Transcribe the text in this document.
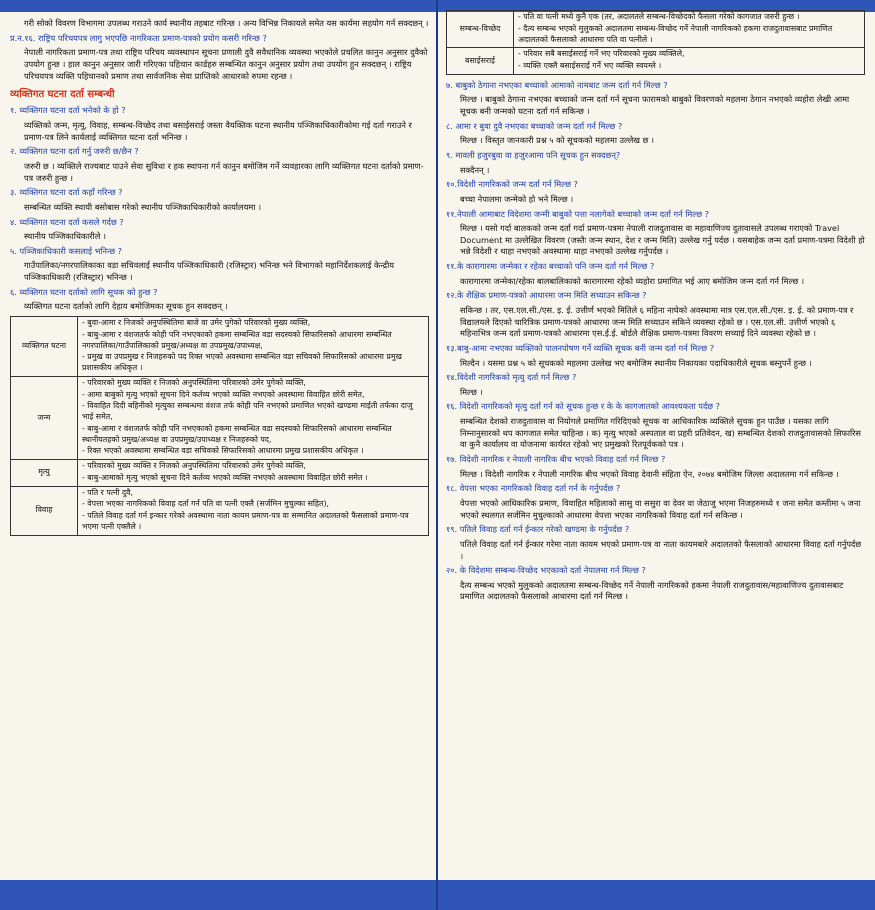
गरी सोको विवरण विभागमा उपलब्ध गराउने कार्य स्थानीय तहबाट गरिन्छ । अन्य विभिन्न निकायले समेत यस कार्यमा सहयोग गर्न सक्दछन् ।

प्र.न.१६. राष्ट्रिय परिचयपत्र लागु भएपछि नागरिकता प्रमाण-पत्रको प्रयोग कसरी गरिन्छ ?

नेपाली नागरिकता प्रमाण-पत्र तथा राष्ट्रिय परिचय व्यवस्थापन सूचना प्रणाली दुवै सवैधानिक व्यवस्था भएकोले प्रचलित कानुन अनुसार दुवैको उपयोग हुन्छ । हाल कानुन अनुसार जारी गरिएका पहिचान कार्डहरु सम्बन्धित कानुन अनुसार प्रयोग तथा उपयोग हुन सक्दछन् । राष्ट्रिय परिचयपत्र व्यक्ति पहिचानको प्रमाण तथा सार्वजनिक सेवा प्राप्तिको आधारको रुपमा रहन्छ ।

व्यक्तिगत घटना दर्ता सम्बन्धी

१. व्यक्तिगत घटना दर्ता भनेको के हो ?

व्यक्तिको जन्म, मृत्यु, विवाह, सम्बन्ध-विच्छेद तथा बसाईसराई जस्ता वैयक्तिक घटना स्थानीय पञ्जिकाधिकारीकोमा गई दर्ता गराउने र प्रमाण-पत्र लिने कार्यलाई व्यक्तिगत घटना दर्ता भनिन्छ ।

२. व्यक्तिगत घटना दर्ता गर्नु जरुरी छ/छैन ?

जरुरी छ । व्यक्तिले राज्यबाट पाउने सेवा सुविधा र हक स्थापना गर्न कानुन बमोजिम गर्ने व्यवहारका लागि व्यक्तिगत घटना दर्ताको प्रमाण-पत्र जरुरी हुन्छ ।

३. व्यक्तिगत घटना दर्ता कहाँ गरिन्छ ?

सम्बन्धित व्यक्ति स्थायी बसोबास गरेको स्थानीय पञ्जिकाधिकारीको कार्यालयमा ।

४. व्यक्तिगत घटना दर्ता कसले गर्दछ ?

स्थानीय पञ्जिकाधिकारीले ।

५. पञ्जिकाधिकारी कसलाई भनिन्छ ?

गाउँपालिका/नगरपालिकाका वडा सचिवलाई स्थानीय पञ्जिकाधिकारी (रजिस्ट्रार) भनिन्छ भने विभागको महानिर्देशकलाई केन्द्रीय पञ्जिकाधिकारी (रजिस्ट्रार) भनिन्छ ।

६. व्यक्तिगत घटना दर्ताको लागि सूचक को हुन्छ ?

व्यक्तिगत घटना दर्ताको लागि देहाय बमोजिमका सूचक हुन सक्दछन् ।

व्यक्तिगत घटना	- बुवा-आमा र निजको अनुपस्थितिमा बाजे वा उमेर पुगेको परिवारको मुख्य व्यक्ति,

- बाबु-आमा र वंशजतर्फ कोही पनि नभएकाको हकमा सम्बन्धित वडा सदस्यको सिफारिसको आधारमा सम्बन्धित नगरपालिका/गाउँपालिकाको प्रमुख/अध्यक्ष वा उपप्रमुख/उपाध्यक्ष,

- प्रमुख वा उपप्रमुख र निजहरुको पद रिक्त भएको अवस्थामा सम्बन्धित वडा सचिवको सिफारिसको आधारमा प्रमुख प्रशासकीय अधिकृत ।

जन्म	- परिवारको मुख्य व्यक्ति र निजको अनुपस्थितिमा परिवारको उमेर पुगेको व्यक्ति,

- आमा बाबुको मृत्यु भएको सूचना दिने कर्तव्य भएको व्यक्ति नभएको अवस्थामा विवाहित छोरी समेत,

- विवाहित दिदी बहिनीको मृत्युका सम्बन्धमा वंशज तर्फ कोही पनि नभएको प्रमाणित भएको खण्डमा माईती तर्फका दाजु भाई समेत,

- बाबु-आमा र वंशजतर्फ कोही पनि नभएकाको हकमा सम्बन्धित वडा सदस्यको सिफारिसको आधारमा सम्बन्धित स्थानीयतहको प्रमुख/अध्यक्ष वा उपप्रमुख/उपाध्यक्ष र निजहरुको पद,

- रिक्त भएको अवस्थामा सम्बन्धित वडा सचिवको सिफारिसको आधारमा प्रमुख प्रशासकीय अधिकृत ।

मृत्यु	- परिवारको मुख्य व्यक्ति र निजको अनुपस्थितिमा परिवारको उमेर पुगेको व्यक्ति,

- बाबु-आमाको मृत्यु भएको सूचना दिने कर्तव्य भएको व्यक्ति नभएको अवस्थामा विवाहित छोरी समेत ।

विवाह	- पति र पत्नी दुवै,

- वेपत्ता भएका नागरिकको विवाह दर्ता गर्न पति वा पत्नी एक्लै (सर्जमिन मुचुल्का सहित),

- पतिले विवाह दर्ता गर्न इन्कार गरेको अवस्थामा नाता कायम प्रमाण-पत्र वा सम्मानित अदालतको फैसलाको प्रमाण-पत्र भएमा पत्नी एक्लैले ।

सम्बन्ध-विच्छेद	- पति वा पत्नी मध्ये कुनै एक (तर, अदालतले सम्बन्ध-विच्छेदको फैसला गरेको कागजात जरुरी हुन्छ ।

- दैत्य सम्बन्ध भएको मुलुकको अदालतमा सम्बन्ध-विच्छेद गर्ने नेपाली नागरिकको हकमा राजदुतावासबाट प्रमाणित अदालतको फैसलाको आधारमा पति वा पत्नीले ।

बसाईसराई	- परिवार सबै बसाईसराई गर्ने भए परिवारको मुख्य व्यक्तिले,

- व्यक्ति एक्लै बसाईसराई गर्ने भए व्यक्ति स्वयम्ले ।

७. बाबुको ठेगाना नभएका बच्चाको आमाको नामबाट जन्म दर्ता गर्न मिल्छ ?

मिल्छ । बाबुको ठेगाना नभएका बच्चाको जन्म दर्ता गर्न सूचना फारामको बाबुको विवरणको महलमा ठेगान नभएको व्यहोरा लेखी आमा सूचक बनी जन्मको घटना दर्ता गर्न सकिन्छ ।

८. आमा र बुवा दुवै नभएका बच्चाको जन्म दर्ता गर्न मिल्छ ?

मिल्छ । विस्तृत जानकारी प्रश्न ५ को सूचकको महलमा उल्लेख छ ।

९. मावली हजुरबुवा वा हजुरआमा पनि सूचक हुन सक्दछन्?

सक्दैनन् ।

१०.विदेशी नागरिकको जन्म दर्ता गर्न मिल्छ ?

बच्चा नेपालमा जन्मेको हो भने मिल्छ ।

११.नेपाली आमाबाट विदेशमा जन्मी बाबुको पत्ता नलागेको बच्चाको जन्म दर्ता गर्न मिल्छ ?

मिल्छ । यसो गर्दा बालकको जन्म दर्ता गर्दा प्रमाण-पत्रमा नेपाली राजदुतावास वा महावाणिज्य दुतावासले उपलब्ध गराएको Travel Document मा उल्लेखित विवरण (जस्तैः जन्म स्थान, देश र जन्म मिति) उल्लेख गर्नु पर्दछ । यसबाहेक जन्म दर्ता प्रमाण-पत्रमा विदेशी हो भन्ने विदेशी र थाहा नभएको अवस्थामा थाहा नभएको उल्लेख गर्नुपर्दछ ।

११.के कारागारमा जन्मेका र रहेका बच्चाको पनि जन्म दर्ता गर्न मिल्छ ?

कारागारमा जन्मेका/रहेका बालबालिकाको कारागारमा रहेको व्यहोरा प्रमाणित भई आए बमोजिम जन्म दर्ता गर्न मिल्छ ।

१२.के शैक्षिक प्रमाण-पत्रको आधारमा जन्म मिति सच्याउन सकिन्छ ?

सकिन्छ । तर, एस.एल.सी./एस. इ. ई. उत्तीर्ण भएको मितिले ६ महिना नाघेको अवस्थामा मात्र एस.एल.सी./एस. इ. ई. को प्रमाण-पत्र र विद्यालयले दिएको चारित्रिक प्रमाण-पत्रको आधारमा जन्म मिति सच्याउन सकिने व्यवस्था रहेको छ । एस.एल.सी. उत्तीर्ण भएको ६ महिनाभित्र जन्म दर्ता प्रमाण-पत्रको आधारमा एस.ई.ई. बोर्डले शैक्षिक प्रमाण-पत्रमा विवरण सच्याई दिने व्यवस्था रहेको छ ।

१३.बाबु-आमा नभएका व्यक्तिको पालनपोषण गर्ने व्यक्ति सूचक बनी जन्म दर्ता गर्न मिल्छ ?

मिल्दैन । यसमा प्रश्न ५ को सूचकको महलमा उल्लेख भए बमोजिम स्थानीय निकायका पदाधिकारीले सूचक बस्नुपर्ने हुन्छ ।

१४.विदेशी नागरिकको मृत्यु दर्ता गर्न मिल्छ ?

मिल्छ ।

१६. विदेशी नागरिकको मृत्यु दर्ता गर्न को सूचक हुन्छ र के के कागजातको आवश्यकता पर्दछ ?

सम्बन्धित देशको राजदुतावास वा नियोगले प्रमाणित गरिदिएको सूचक वा आधिकारिक व्यक्तिले सूचक हुन पाउँछ । यसका लागि निम्नानुसारको थप कागजात समेत चाहिन्छ । क) मृत्यु भएको अस्पताल वा प्रहरी प्रतिवेदन, ख) सम्बन्धित देशको राजदुतावासको सिफारिस वा कुनै कार्यालय वा योजनामा कार्यरत रहेको भए प्रमुखको रितपूर्वकको पत्र ।

१७. विदेशी नागरिक र नेपाली नागरिक बीच भएको विवाह दर्ता गर्न मिल्छ ?

मिल्छ । विदेशी नागरिक र नेपाली नागरिक बीच भएको विवाह देवानी संहिता ऐन, २०७४ बमोजिम जिल्ला अदालतमा गर्न सकिन्छ ।

१८. वेपत्ता भएका नागरिकको विवाह दर्ता गर्न के गर्नुपर्दछ ?

वेपत्ता भएको आधिकारिक प्रमाण, विवाहित महिलाको सासु वा ससुरा वा देवर वा जेठाजु भएमा निजहरुमध्ये १ जना समेत कम्तीमा ५ जना भएको स्थलगत सर्जमिन मुचुल्काको आधारमा वेपत्ता भएका नागरिकको विवाह दर्ता गर्न सकिन्छ ।

१९. पतिले विवाह दर्ता गर्न ईन्कार गरेको खण्डमा के गर्नुपर्दछ ?

पतिले विवाह दर्ता गर्न ईन्कार गरेमा नाता कायम भएको प्रमाण-पत्र वा नाता कायमबारे अदालतको फैसलाको आधारमा विवाह दर्ता गर्नुपर्दछ ।

२०. के विदेशमा सम्बन्ध-विच्छेद भएकाको दर्ता नेपालमा गर्न मिल्छ ?

दैत्य सम्बन्ध भएको मुलुकको अदालतमा सम्बन्ध-विच्छेद गर्ने नेपाली नागरिकको हकमा नेपाली राजदुतावास/महावाणिज्य दुतावासबाट प्रमाणित अदालतको फैसलाको आधारमा दर्ता गर्न मिल्छ ।
